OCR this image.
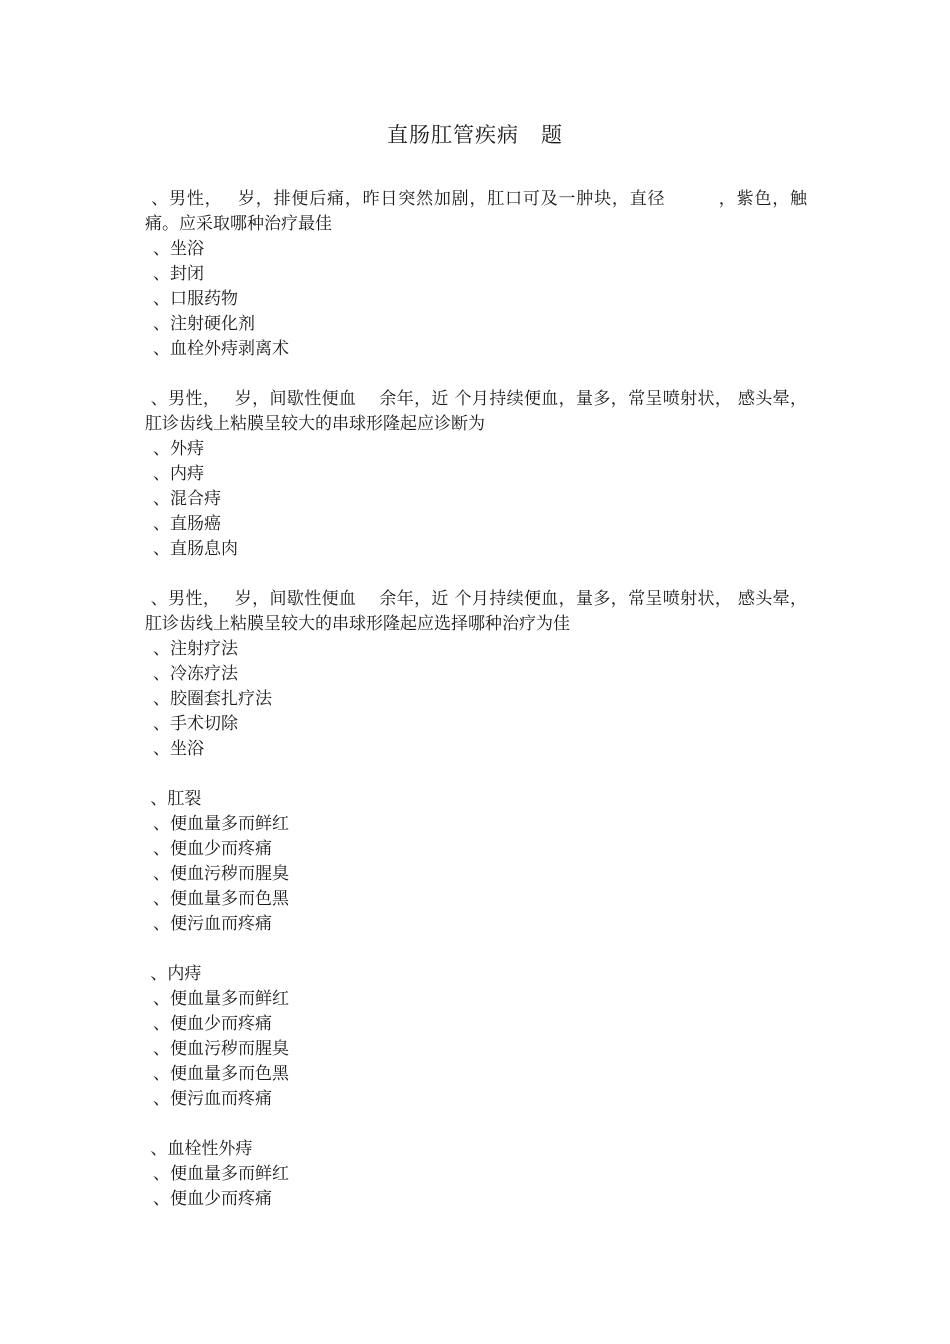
直肠肛管疾病　题
、男性，　 岁，排便后痛，昨日突然加剧，肛口可及一肿块，直径　　　，紫色，触痛。应采取哪种治疗最佳
、坐浴
、封闭
、口服药物
、注射硬化剂
、血栓外痔剥离术
、男性，　 岁，间歇性便血　 余年，近 个月持续便血，量多，常呈喷射状， 感头晕，肛诊齿线上粘膜呈较大的串球形隆起应诊断为
、外痔
、内痔
、混合痔
、直肠癌
、直肠息肉
、男性，　 岁，间歇性便血　 余年，近 个月持续便血，量多，常呈喷射状， 感头晕，肛诊齿线上粘膜呈较大的串球形隆起应选择哪种治疗为佳
、注射疗法
、冷冻疗法
、胶圈套扎疗法
、手术切除
、坐浴
、肛裂
、便血量多而鲜红
、便血少而疼痛
、便血污秽而腥臭
、便血量多而色黑
、便污血而疼痛
、内痔
、便血量多而鲜红
、便血少而疼痛
、便血污秽而腥臭
、便血量多而色黑
、便污血而疼痛
、血栓性外痔
、便血量多而鲜红
、便血少而疼痛
